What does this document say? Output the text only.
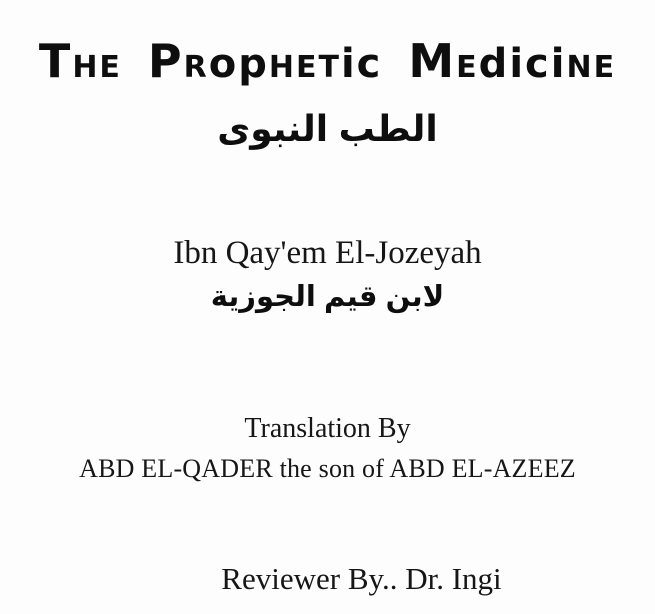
THE PRopHETic MEdiciNE
الطب النبوى
Ibn Qay'em El-Jozeyah
لابن قيم الجوزية
Translation By
ABD EL-QADER the son of ABD EL-AZEEZ
Reviewer By.. Dr. Ingi
